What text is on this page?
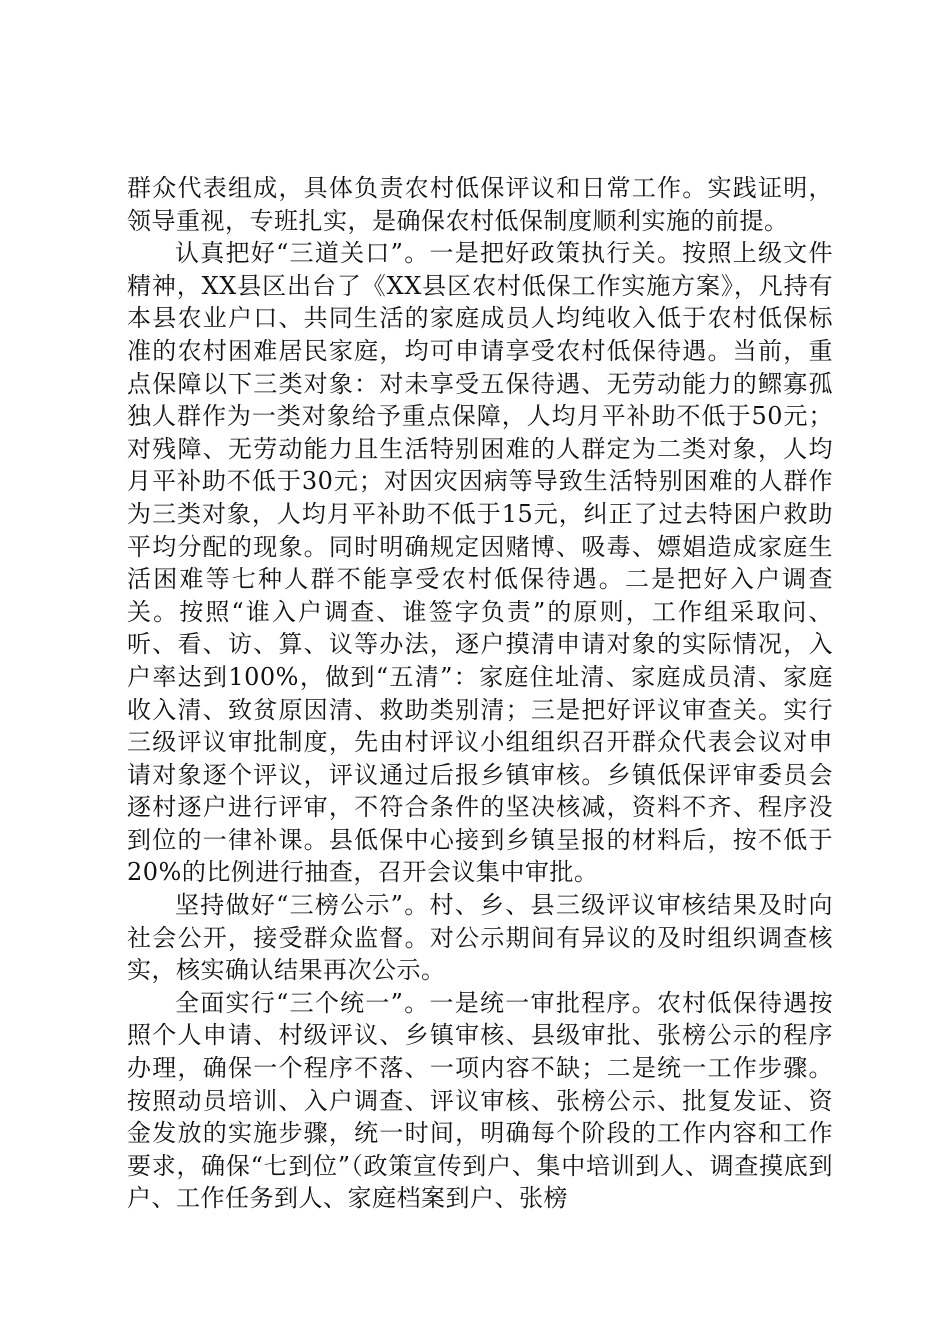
群众代表组成，具体负责农村低保评议和日常工作。实践证明，领导重视，专班扎实，是确保农村低保制度顺利实施的前提。

认真把好“三道关口”。一是把好政策执行关。按照上级文件精神，XX县区出台了《XX县区农村低保工作实施方案》，凡持有本县农业户口、共同生活的家庭成员人均纯收入低于农村低保标准的农村困难居民家庭，均可申请享受农村低保待遇。当前，重点保障以下三类对象：对未享受五保待遇、无劳动能力的鳏寡孤独人群作为一类对象给予重点保障，人均月平补助不低于50元；对残障、无劳动能力且生活特别困难的人群定为二类对象，人均月平补助不低于30元；对因灾因病等导致生活特别困难的人群作为三类对象，人均月平补助不低于15元，纠正了过去特困户救助平均分配的现象。同时明确规定因赌博、吸毒、嫖娼造成家庭生活困难等七种人群不能享受农村低保待遇。二是把好入户调查关。按照“谁入户调查、谁签字负责”的原则，工作组采取问、听、看、访、算、议等办法，逐户摸清申请对象的实际情况，入户率达到100%，做到“五清”：家庭住址清、家庭成员清、家庭收入清、致贫原因清、救助类别清；三是把好评议审查关。实行三级评议审批制度，先由村评议小组组织召开群众代表会议对申请对象逐个评议，评议通过后报乡镇审核。乡镇低保评审委员会逐村逐户进行评审，不符合条件的坚决核减，资料不齐、程序没到位的一律补课。县低保中心接到乡镇呈报的材料后，按不低于20%的比例进行抽查，召开会议集中审批。

坚持做好“三榜公示”。村、乡、县三级评议审核结果及时向社会公开，接受群众监督。对公示期间有异议的及时组织调查核实，核实确认结果再次公示。

全面实行“三个统一”。一是统一审批程序。农村低保待遇按照个人申请、村级评议、乡镇审核、县级审批、张榜公示的程序办理，确保一个程序不落、一项内容不缺；二是统一工作步骤。按照动员培训、入户调查、评议审核、张榜公示、批复发证、资金发放的实施步骤，统一时间，明确每个阶段的工作内容和工作要求，确保“七到位”（政策宣传到户、集中培训到人、调查摸底到户、工作任务到人、家庭档案到户、张榜
